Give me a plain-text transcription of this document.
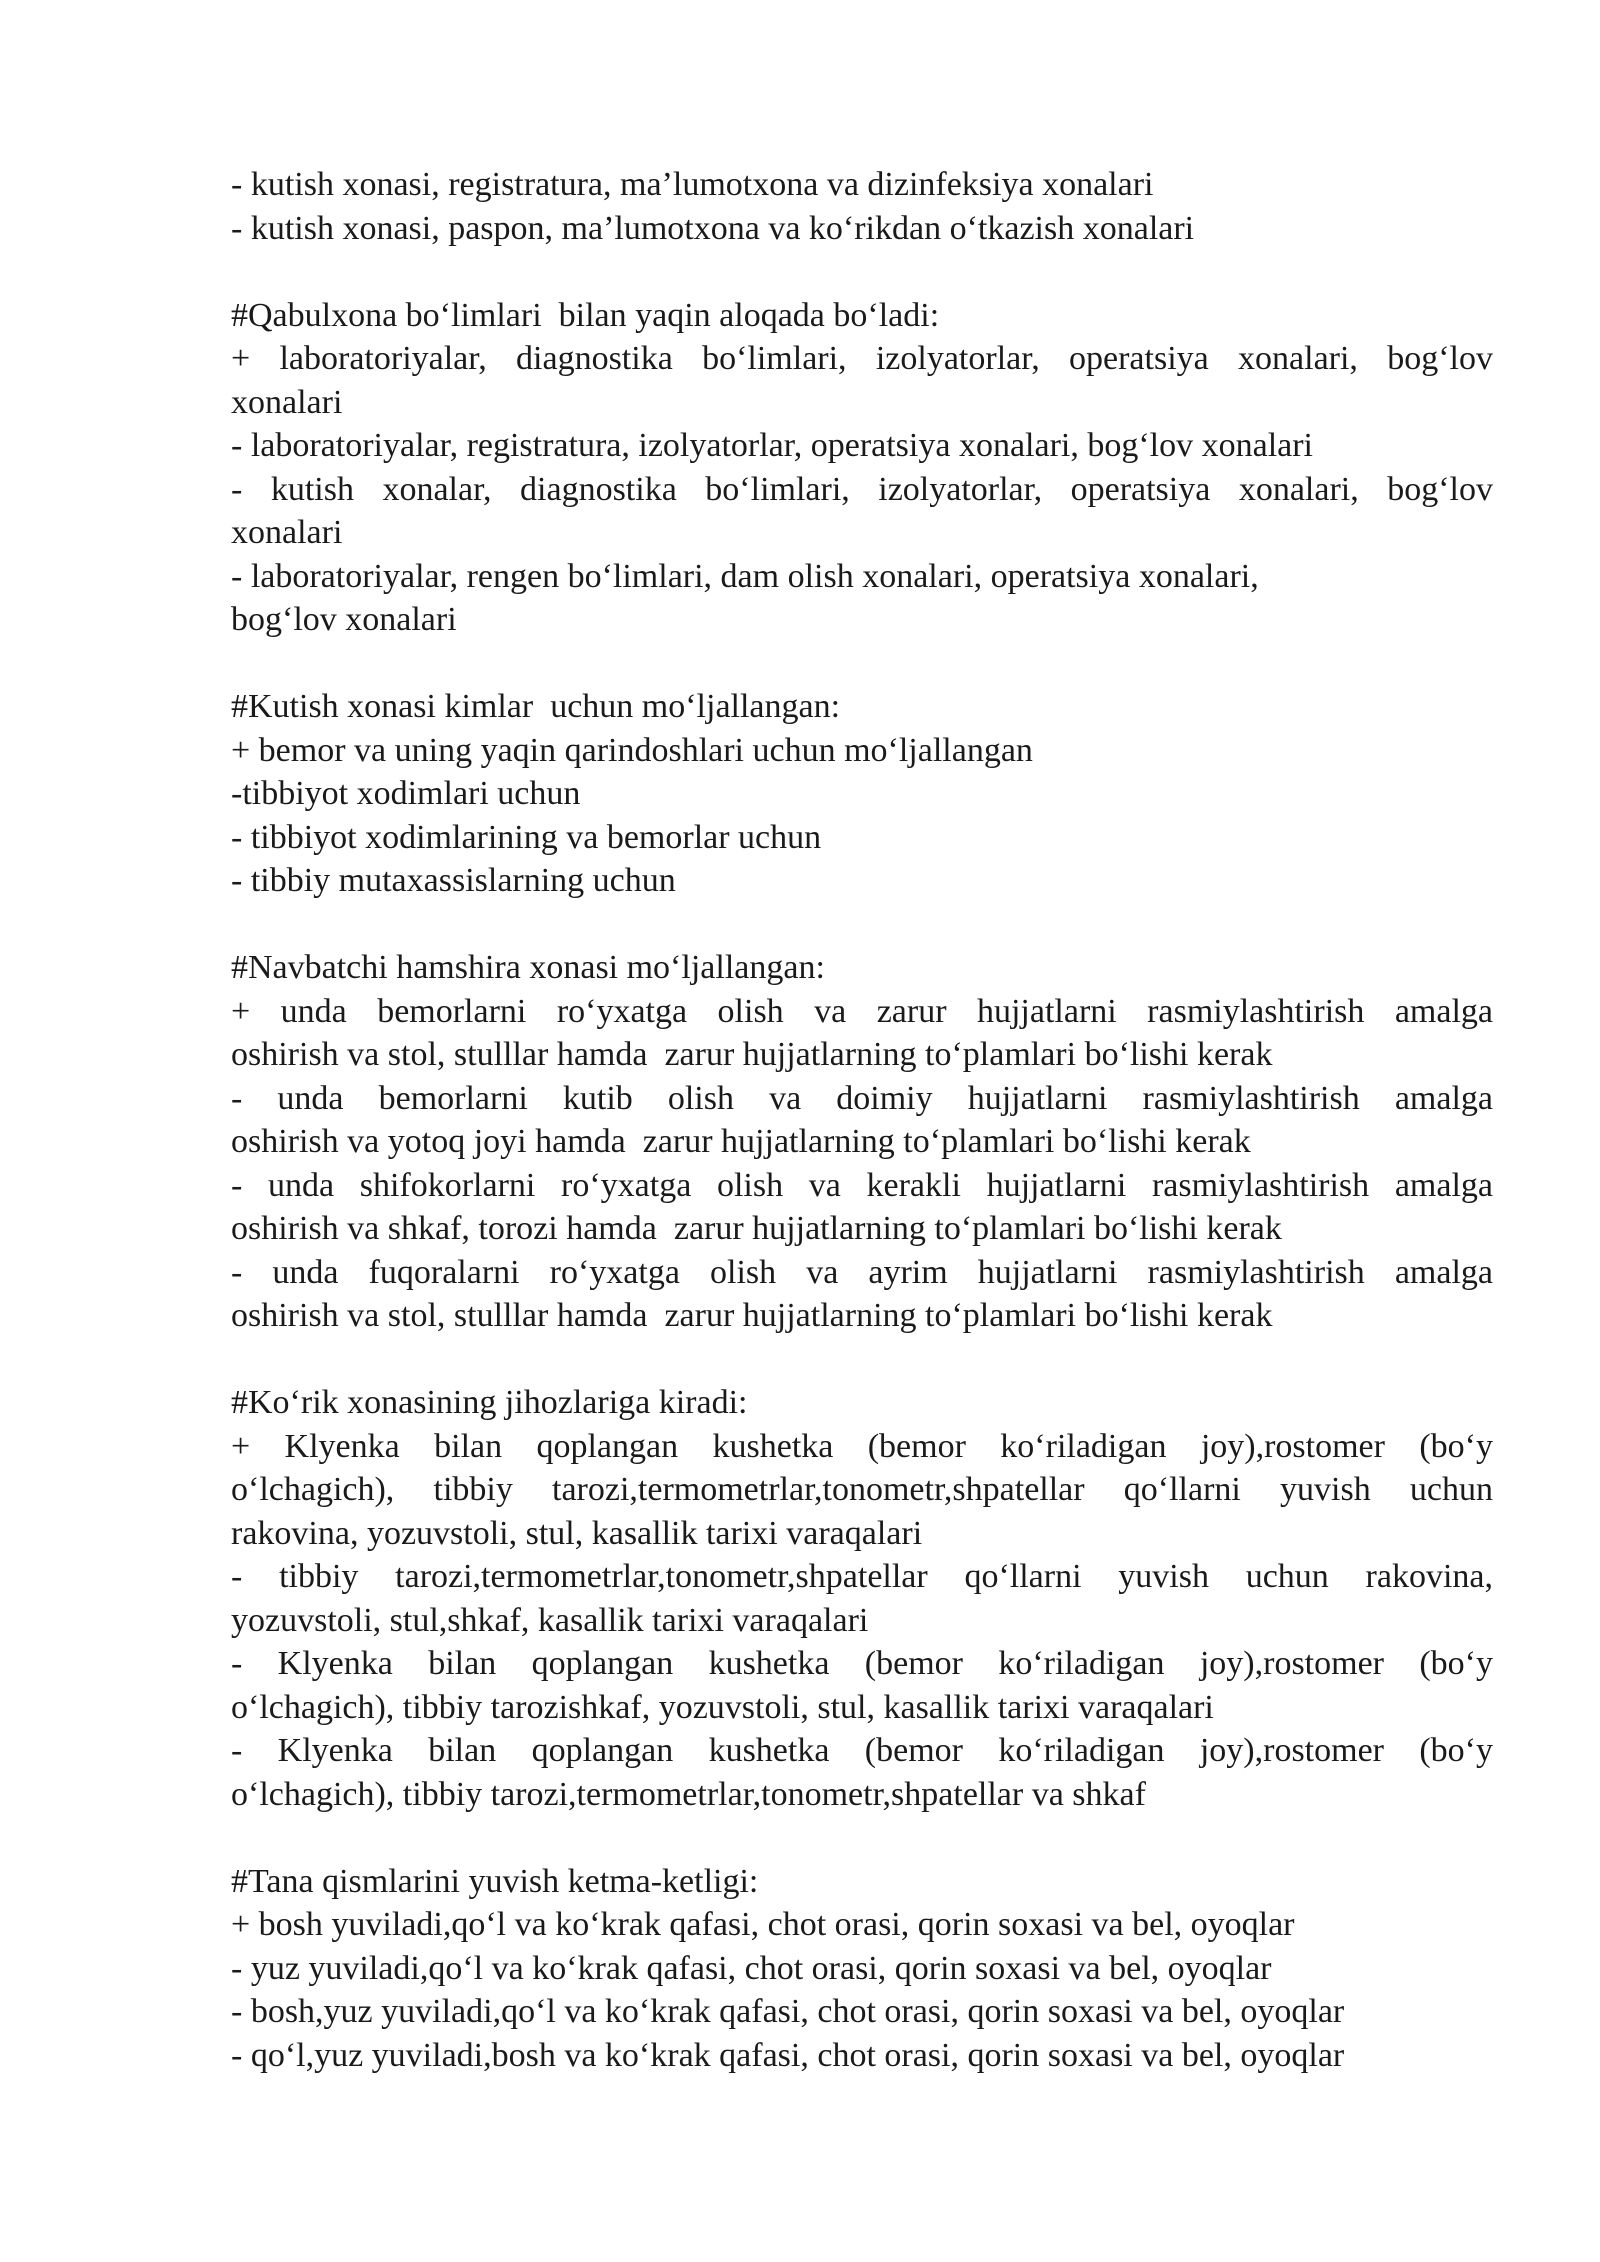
- kutish xonasi, registratura, ma’lumotxona va dizinfeksiya xonalari
- kutish xonasi, paspon, ma’lumotxona va ko‘rikdan o‘tkazish xonalari
#Qabulxona bo‘limlari  bilan yaqin aloqada bo‘ladi:
+ laboratoriyalar, diagnostika bo‘limlari, izolyatorlar, operatsiya xonalari, bog‘lov
xonalari
- laboratoriyalar, registratura, izolyatorlar, operatsiya xonalari, bog‘lov xonalari
- kutish xonalar, diagnostika bo‘limlari, izolyatorlar, operatsiya xonalari, bog‘lov
xonalari
- laboratoriyalar, rengen bo‘limlari, dam olish xonalari, operatsiya xonalari,
bog‘lov xonalari
#Kutish xonasi kimlar  uchun mo‘ljallangan:
+ bemor va uning yaqin qarindoshlari uchun mo‘ljallangan
-tibbiyot xodimlari uchun
- tibbiyot xodimlarining va bemorlar uchun
- tibbiy mutaxassislarning uchun
#Navbatchi hamshira xonasi mo‘ljallangan:
+ unda bemorlarni ro‘yxatga olish va zarur hujjatlarni rasmiylashtirish amalga
oshirish va stol, stulllar hamda  zarur hujjatlarning to‘plamlari bo‘lishi kerak
- unda bemorlarni kutib olish va doimiy hujjatlarni rasmiylashtirish amalga
oshirish va yotoq joyi hamda  zarur hujjatlarning to‘plamlari bo‘lishi kerak
- unda shifokorlarni ro‘yxatga olish va kerakli hujjatlarni rasmiylashtirish amalga
oshirish va shkaf, torozi hamda  zarur hujjatlarning to‘plamlari bo‘lishi kerak
- unda fuqoralarni ro‘yxatga olish va ayrim hujjatlarni rasmiylashtirish amalga
oshirish va stol, stulllar hamda  zarur hujjatlarning to‘plamlari bo‘lishi kerak
#Ko‘rik xonasining jihozlariga kiradi:
+ Klyenka bilan qoplangan kushetka (bemor ko‘riladigan joy),rostomer (bo‘y
o‘lchagich), tibbiy tarozi,termometrlar,tonometr,shpatellar qo‘llarni yuvish uchun
rakovina, yozuvstoli, stul, kasallik tarixi varaqalari
- tibbiy tarozi,termometrlar,tonometr,shpatellar qo‘llarni yuvish uchun rakovina,
yozuvstoli, stul,shkaf, kasallik tarixi varaqalari
- Klyenka bilan qoplangan kushetka (bemor ko‘riladigan joy),rostomer (bo‘y
o‘lchagich), tibbiy tarozishkaf, yozuvstoli, stul, kasallik tarixi varaqalari
- Klyenka bilan qoplangan kushetka (bemor ko‘riladigan joy),rostomer (bo‘y
o‘lchagich), tibbiy tarozi,termometrlar,tonometr,shpatellar va shkaf
#Tana qismlarini yuvish ketma-ketligi:
+ bosh yuviladi,qo‘l va ko‘krak qafasi, chot orasi, qorin soxasi va bel, oyoqlar
- yuz yuviladi,qo‘l va ko‘krak qafasi, chot orasi, qorin soxasi va bel, oyoqlar
- bosh,yuz yuviladi,qo‘l va ko‘krak qafasi, chot orasi, qorin soxasi va bel, oyoqlar
- qo‘l,yuz yuviladi,bosh va ko‘krak qafasi, chot orasi, qorin soxasi va bel, oyoqlar
